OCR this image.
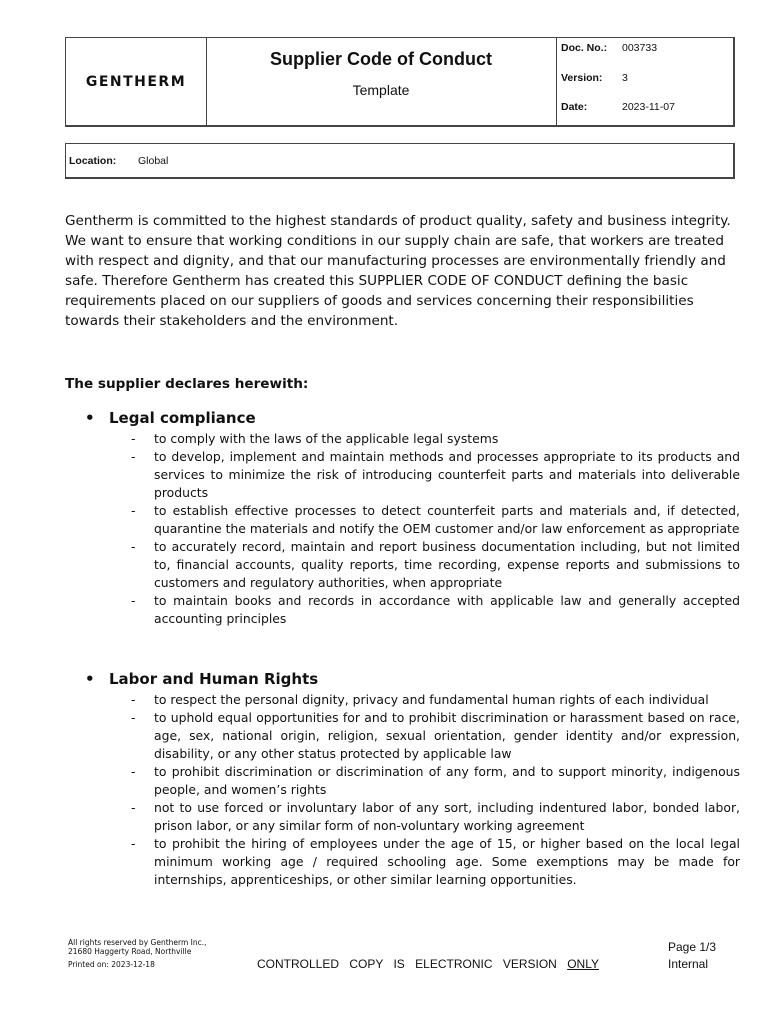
GENTHERM
Supplier Code of Conduct
Template
Doc. No.: 003733
Version: 3
Date:	2023-11-07
Location: Global
Gentherm is committed to the highest standards of product quality, safety and business integrity. We want to ensure that working conditions in our supply chain are safe, that workers are treated with respect and dignity, and that our manufacturing processes are environmentally friendly and safe. Therefore Gentherm has created this SUPPLIER CODE OF CONDUCT defining the basic requirements placed on our suppliers of goods and services concerning their responsibilities towards their stakeholders and the environment.
The supplier declares herewith:
• Legal compliance
- to comply with the laws of the applicable legal systems
- to develop, implement and maintain methods and processes appropriate to its products and services to minimize the risk of introducing counterfeit parts and materials into deliverable products
- to establish effective processes to detect counterfeit parts and materials and, if detected, quarantine the materials and notify the OEM customer and/or law enforcement as appropriate
- to accurately record, maintain and report business documentation including, but not limited to, financial accounts, quality reports, time recording, expense reports and submissions to customers and regulatory authorities, when appropriate
- to maintain books and records in accordance with applicable law and generally accepted accounting principles
• Labor and Human Rights
- to respect the personal dignity, privacy and fundamental human rights of each individual
- to uphold equal opportunities for and to prohibit discrimination or harassment based on race, age, sex, national origin, religion, sexual orientation, gender identity and/or expression, disability, or any other status protected by applicable law
- to prohibit discrimination or discrimination of any form, and to support minority, indigenous people, and women’s rights
- not to use forced or involuntary labor of any sort, including indentured labor, bonded labor, prison labor, or any similar form of non-voluntary working agreement
- to prohibit the hiring of employees under the age of 15, or higher based on the local legal minimum working age / required schooling age. Some exemptions may be made for internships, apprenticeships, or other similar learning opportunities.
All rights reserved by Gentherm Inc.,
21680 Haggerty Road, Northville
Printed on: 2023-12-18	CONTROLLED COPY IS ELECTRONIC VERSION ONLY
Page 1/3
Internal
